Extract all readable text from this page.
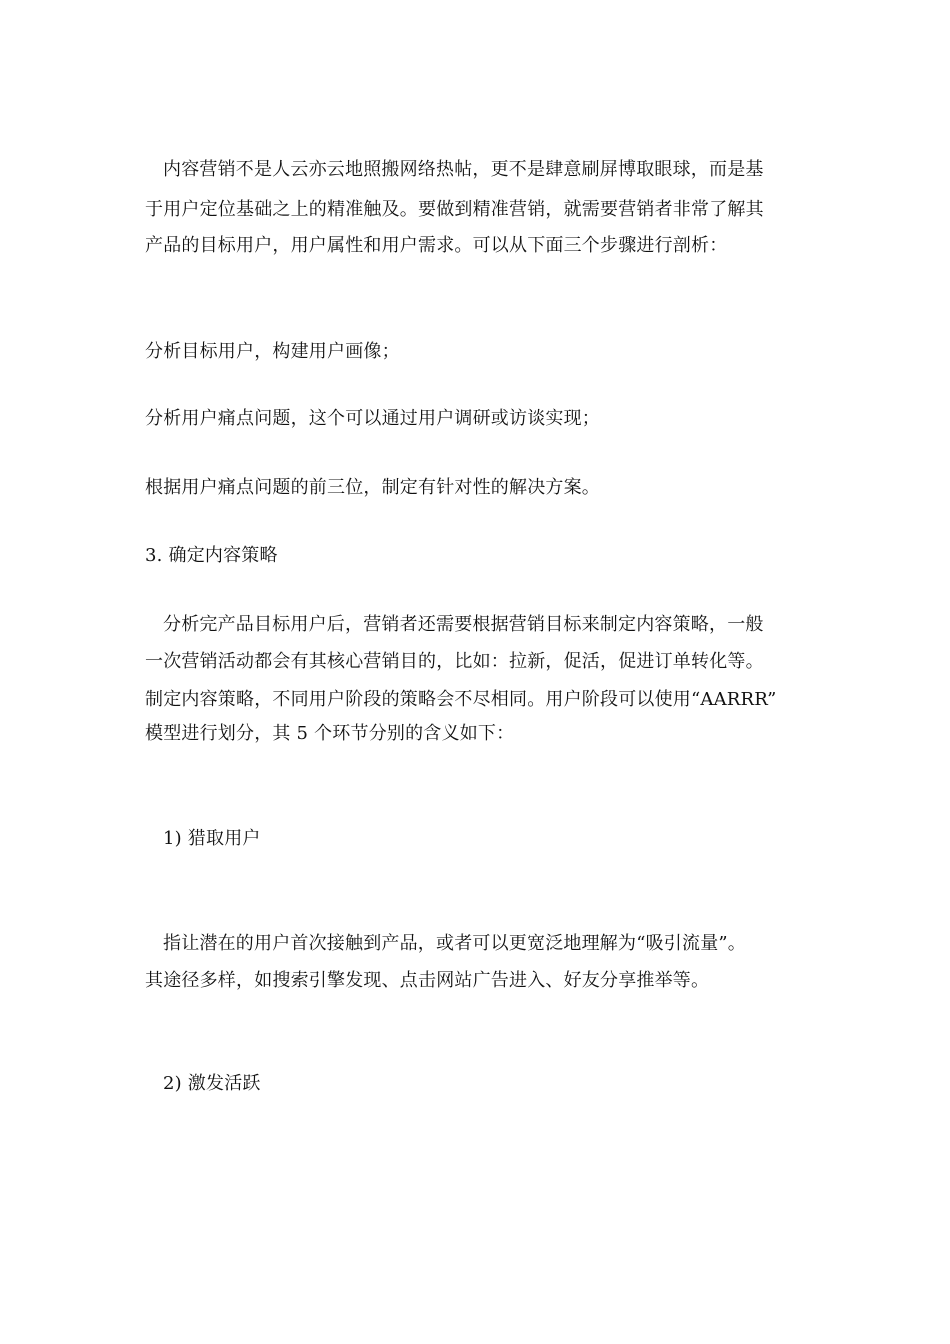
内容营销不是人云亦云地照搬网络热帖，更不是肆意刷屏博取眼球，而是基
于用户定位基础之上的精准触及。要做到精准营销，就需要营销者非常了解其
产品的目标用户，用户属性和用户需求。可以从下面三个步骤进行剖析：
分析目标用户，构建用户画像；
分析用户痛点问题，这个可以通过用户调研或访谈实现；
根据用户痛点问题的前三位，制定有针对性的解决方案。
3. 确定内容策略
分析完产品目标用户后，营销者还需要根据营销目标来制定内容策略，一般
一次营销活动都会有其核心营销目的，比如：拉新，促活，促进订单转化等。
制定内容策略，不同用户阶段的策略会不尽相同。用户阶段可以使用“AARRR”
模型进行划分，其 5 个环节分别的含义如下：
1) 猎取用户
指让潜在的用户首次接触到产品，或者可以更宽泛地理解为“吸引流量”。
其途径多样，如搜索引擎发现、点击网站广告进入、好友分享推举等。
2) 激发活跃
